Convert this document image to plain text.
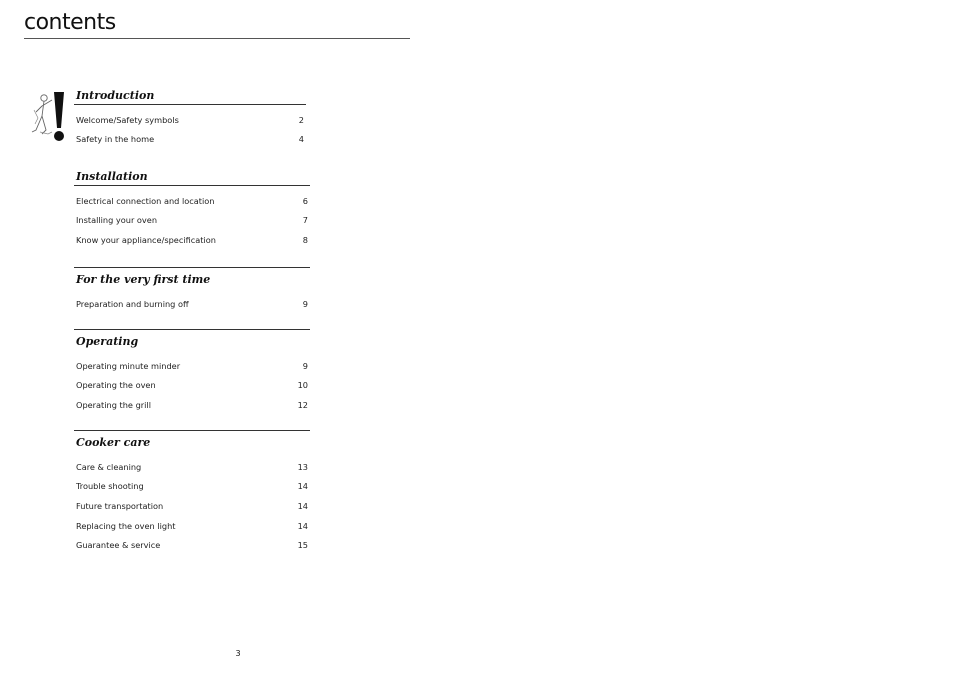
contents
Introduction
Welcome/Safety symbols	2
Safety in the home	4
Installation
Electrical connection and location	6
Installing your oven	7
Know your appliance/specification	8
For the very first time
Preparation and burning off	9
Operating
Operating minute minder	9
Operating the oven	10
Operating the grill	12
Cooker care
Care & cleaning	13
Trouble shooting	14
Future transportation	14
Replacing the oven light	14
Guarantee & service	15
3
